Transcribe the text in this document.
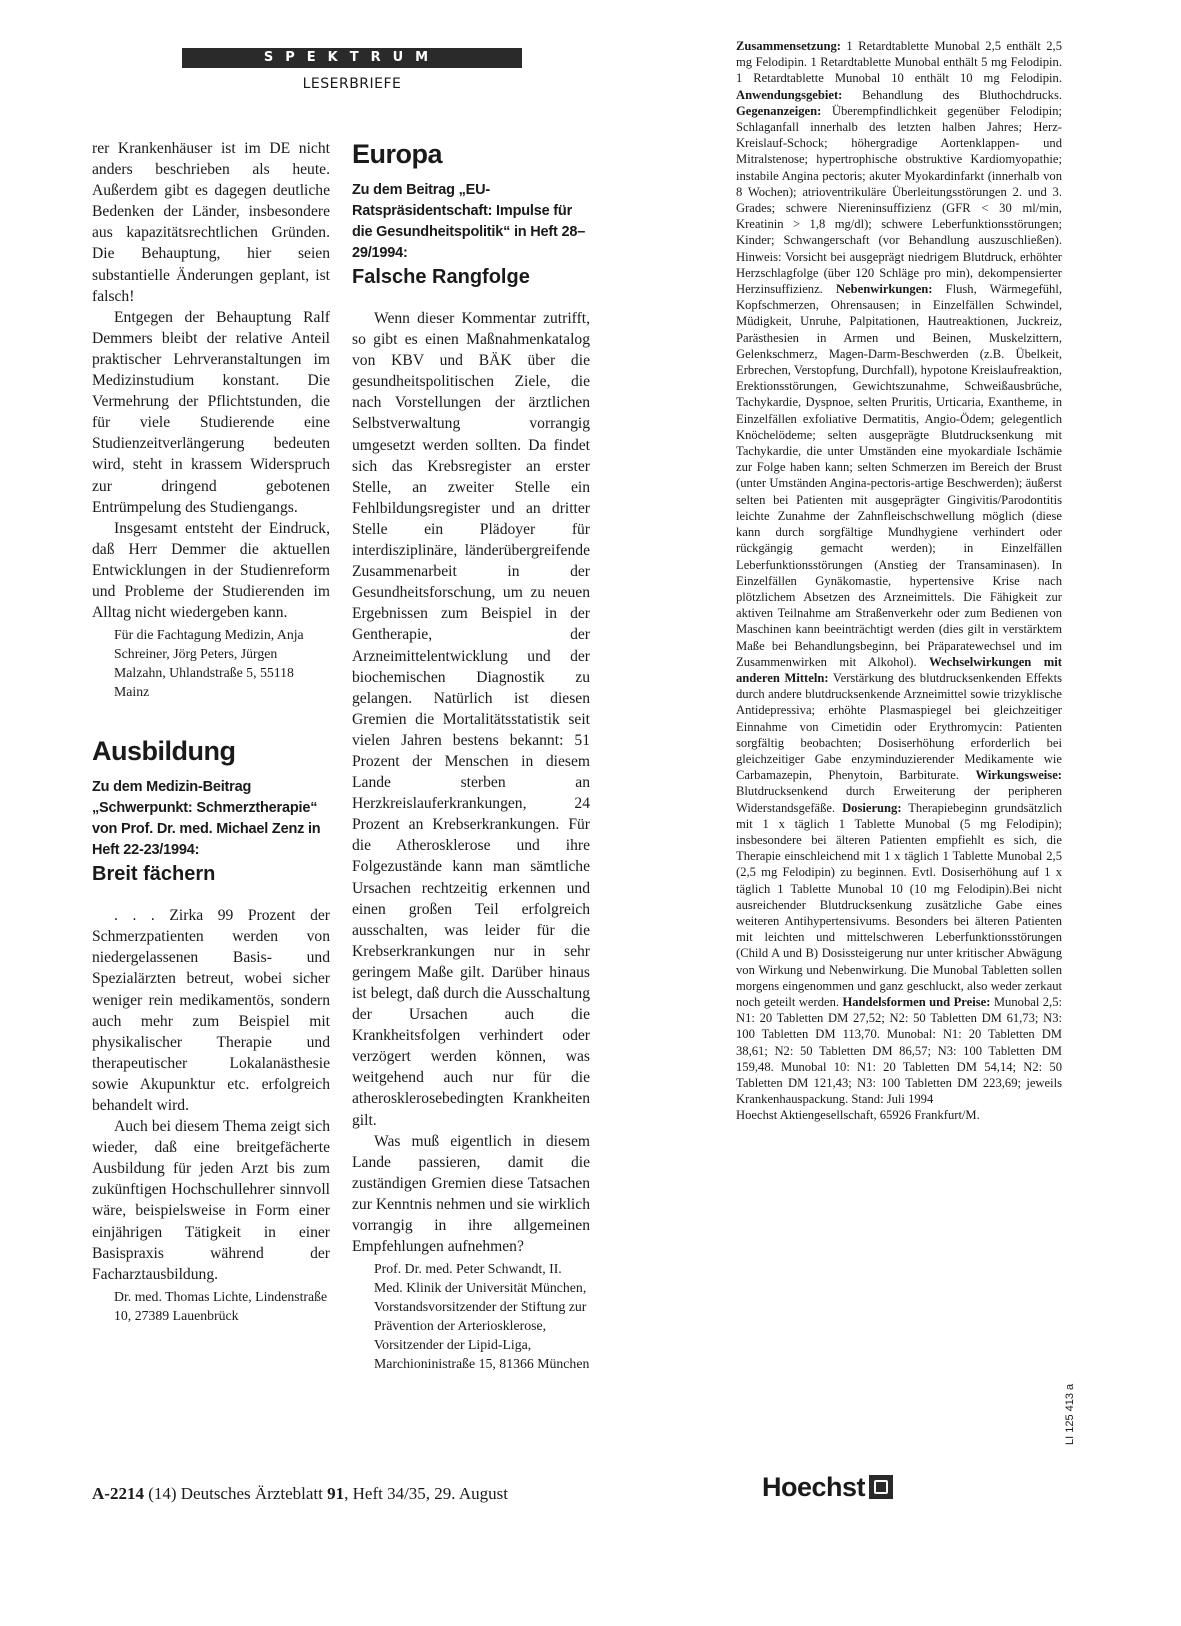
SPEKTRUM
LESERBRIEFE

rer Krankenhäuser ist im DE nicht anders beschrieben als heute. Außerdem gibt es dagegen deutliche Bedenken der Länder, insbesondere aus kapazitätsrechtlichen Gründen. Die Behauptung, hier seien substantielle Änderungen geplant, ist falsch!

Entgegen der Behauptung Ralf Demmers bleibt der relative Anteil praktischer Lehrveranstaltungen im Medizinstudium konstant. Die Vermehrung der Pflichtstunden, die für viele Studierende eine Studienzeitverlängerung bedeuten wird, steht in krassem Widerspruch zur dringend gebotenen Entrümpelung des Studiengangs.

Insgesamt entsteht der Eindruck, daß Herr Demmer die aktuellen Entwicklungen in der Studienreform und Probleme der Studierenden im Alltag nicht wiedergeben kann.

Für die Fachtagung Medizin, Anja Schreiner, Jörg Peters, Jürgen Malzahn, Uhlandstraße 5, 55118 Mainz

Ausbildung

Zu dem Medizin-Beitrag „Schwerpunkt: Schmerztherapie“ von Prof. Dr. med. Michael Zenz in Heft 22-23/1994:

Breit fächern

. . . Zirka 99 Prozent der Schmerzpatienten werden von niedergelassenen Basis- und Spezialärzten betreut, wobei sicher weniger rein medikamentös, sondern auch mehr zum Beispiel mit physikalischer Therapie und therapeutischer Lokalanästhesie sowie Akupunktur etc. erfolgreich behandelt wird.

Auch bei diesem Thema zeigt sich wieder, daß eine breitgefächerte Ausbildung für jeden Arzt bis zum zukünftigen Hochschullehrer sinnvoll wäre, beispielsweise in Form einer einjährigen Tätigkeit in einer Basispraxis während der Facharztausbildung.

Dr. med. Thomas Lichte, Lindenstraße 10, 27389 Lauenbrück

Europa

Zu dem Beitrag „EU-Ratspräsidentschaft: Impulse für die Gesundheitspolitik“ in Heft 28–29/1994:

Falsche Rangfolge

Wenn dieser Kommentar zutrifft, so gibt es einen Maßnahmenkatalog von KBV und BÄK über die gesundheitspolitischen Ziele, die nach Vorstellungen der ärztlichen Selbstverwaltung vorrangig umgesetzt werden sollten. Da findet sich das Krebsregister an erster Stelle, an zweiter Stelle ein Fehlbildungsregister und an dritter Stelle ein Plädoyer für interdisziplinäre, länderübergreifende Zusammenarbeit in der Gesundheitsforschung, um zu neuen Ergebnissen zum Beispiel in der Gentherapie, der Arzneimittelentwicklung und der biochemischen Diagnostik zu gelangen. Natürlich ist diesen Gremien die Mortalitätsstatistik seit vielen Jahren bestens bekannt: 51 Prozent der Menschen in diesem Lande sterben an Herzkreislauferkrankungen, 24 Prozent an Krebserkrankungen. Für die Atherosklerose und ihre Folgezustände kann man sämtliche Ursachen rechtzeitig erkennen und einen großen Teil erfolgreich ausschalten, was leider für die Krebserkrankungen nur in sehr geringem Maße gilt. Darüber hinaus ist belegt, daß durch die Ausschaltung der Ursachen auch die Krankheitsfolgen verhindert oder verzögert werden können, was weitgehend auch nur für die atherosklerosebedingten Krankheiten gilt.

Was muß eigentlich in diesem Lande passieren, damit die zuständigen Gremien diese Tatsachen zur Kenntnis nehmen und sie wirklich vorrangig in ihre allgemeinen Empfehlungen aufnehmen?

Prof. Dr. med. Peter Schwandt, II. Med. Klinik der Universität München, Vorstandsvorsitzender der Stiftung zur Prävention der Arteriosklerose, Vorsitzender der Lipid-Liga, Marchioninistraße 15, 81366 München

Zusammensetzung: 1 Retardtablette Munobal 2,5 enthält 2,5 mg Felodipin. 1 Retardtablette Munobal enthält 5 mg Felodipin. 1 Retardtablette Munobal 10 enthält 10 mg Felodipin. Anwendungsgebiet: Behandlung des Bluthochdrucks. Gegenanzeigen: Überempfindlichkeit gegenüber Felodipin; Schlaganfall innerhalb des letzten halben Jahres; Herz-Kreislauf-Schock; höhergradige Aortenklappen- und Mitralstenose; hypertrophische obstruktive Kardiomyopathie; instabile Angina pectoris; akuter Myokardinfarkt (innerhalb von 8 Wochen); atrioventrikuläre Überleitungsstörungen 2. und 3. Grades; schwere Niereninsuffizienz (GFR < 30 ml/min, Kreatinin > 1,8 mg/dl); schwere Leberfunktionsstörungen; Kinder; Schwangerschaft (vor Behandlung auszuschließen). Hinweis: Vorsicht bei ausgeprägt niedrigem Blutdruck, erhöhter Herzschlagfolge (über 120 Schläge pro min), dekompensierter Herzinsuffizienz. Nebenwirkungen: Flush, Wärmegefühl, Kopfschmerzen, Ohrensausen; in Einzelfällen Schwindel, Müdigkeit, Unruhe, Palpitationen, Hautreaktionen, Juckreiz, Parästhesien in Armen und Beinen, Muskelzittern, Gelenkschmerz, Magen-Darm-Beschwerden (z.B. Übelkeit, Erbrechen, Verstopfung, Durchfall), hypotone Kreislaufreaktion, Erektionsstörungen, Gewichtszunahme, Schweißausbrüche, Tachykardie, Dyspnoe, selten Pruritis, Urticaria, Exantheme, in Einzelfällen exfoliative Dermatitis, Angio-Ödem; gelegentlich Knöchelödeme; selten ausgeprägte Blutdrucksenkung mit Tachykardie, die unter Umständen eine myokardiale Ischämie zur Folge haben kann; selten Schmerzen im Bereich der Brust (unter Umständen Angina-pectoris-artige Beschwerden); äußerst selten bei Patienten mit ausgeprägter Gingivitis/Parodontitis leichte Zunahme der Zahnfleischschwellung möglich (diese kann durch sorgfältige Mundhygiene verhindert oder rückgängig gemacht werden); in Einzelfällen Leberfunktionsstörungen (Anstieg der Transaminasen). In Einzelfällen Gynäkomastie, hypertensive Krise nach plötzlichem Absetzen des Arzneimittels. Die Fähigkeit zur aktiven Teilnahme am Straßenverkehr oder zum Bedienen von Maschinen kann beeinträchtigt werden (dies gilt in verstärktem Maße bei Behandlungsbeginn, bei Präparatewechsel und im Zusammenwirken mit Alkohol). Wechselwirkungen mit anderen Mitteln: Verstärkung des blutdrucksenkenden Effekts durch andere blutdrucksenkende Arzneimittel sowie trizyklische Antidepressiva; erhöhte Plasmaspiegel bei gleichzeitiger Einnahme von Cimetidin oder Erythromycin: Patienten sorgfältig beobachten; Dosiserhöhung erforderlich bei gleichzeitiger Gabe enzyminduzierender Medikamente wie Carbamazepin, Phenytoin, Barbiturate. Wirkungsweise: Blutdrucksenkend durch Erweiterung der peripheren Widerstandsgefäße. Dosierung: Therapiebeginn grundsätzlich mit 1 x täglich 1 Tablette Munobal (5 mg Felodipin); insbesondere bei älteren Patienten empfiehlt es sich, die Therapie einschleichend mit 1 x täglich 1 Tablette Munobal 2,5 (2,5 mg Felodipin) zu beginnen. Evtl. Dosiserhöhung auf 1 x täglich 1 Tablette Munobal 10 (10 mg Felodipin).Bei nicht ausreichender Blutdrucksenkung zusätzliche Gabe eines weiteren Antihypertensivums. Besonders bei älteren Patienten mit leichten und mittelschweren Leberfunktionsstörungen (Child A und B) Dosissteigerung nur unter kritischer Abwägung von Wirkung und Nebenwirkung. Die Munobal Tabletten sollen morgens eingenommen und ganz geschluckt, also weder zerkaut noch geteilt werden. Handelsformen und Preise: Munobal 2,5: N1: 20 Tabletten DM 27,52; N2: 50 Tabletten DM 61,73; N3: 100 Tabletten DM 113,70. Munobal: N1: 20 Tabletten DM 38,61; N2: 50 Tabletten DM 86,57; N3: 100 Tabletten DM 159,48. Munobal 10: N1: 20 Tabletten DM 54,14; N2: 50 Tabletten DM 121,43; N3: 100 Tabletten DM 223,69; jeweils Krankenhauspackung. Stand: Juli 1994
Hoechst Aktiengesellschaft, 65926 Frankfurt/M.
A-2214 (14) Deutsches Ärzteblatt 91, Heft 34/35, 29. August	Hoechst
LI 125 413 a
